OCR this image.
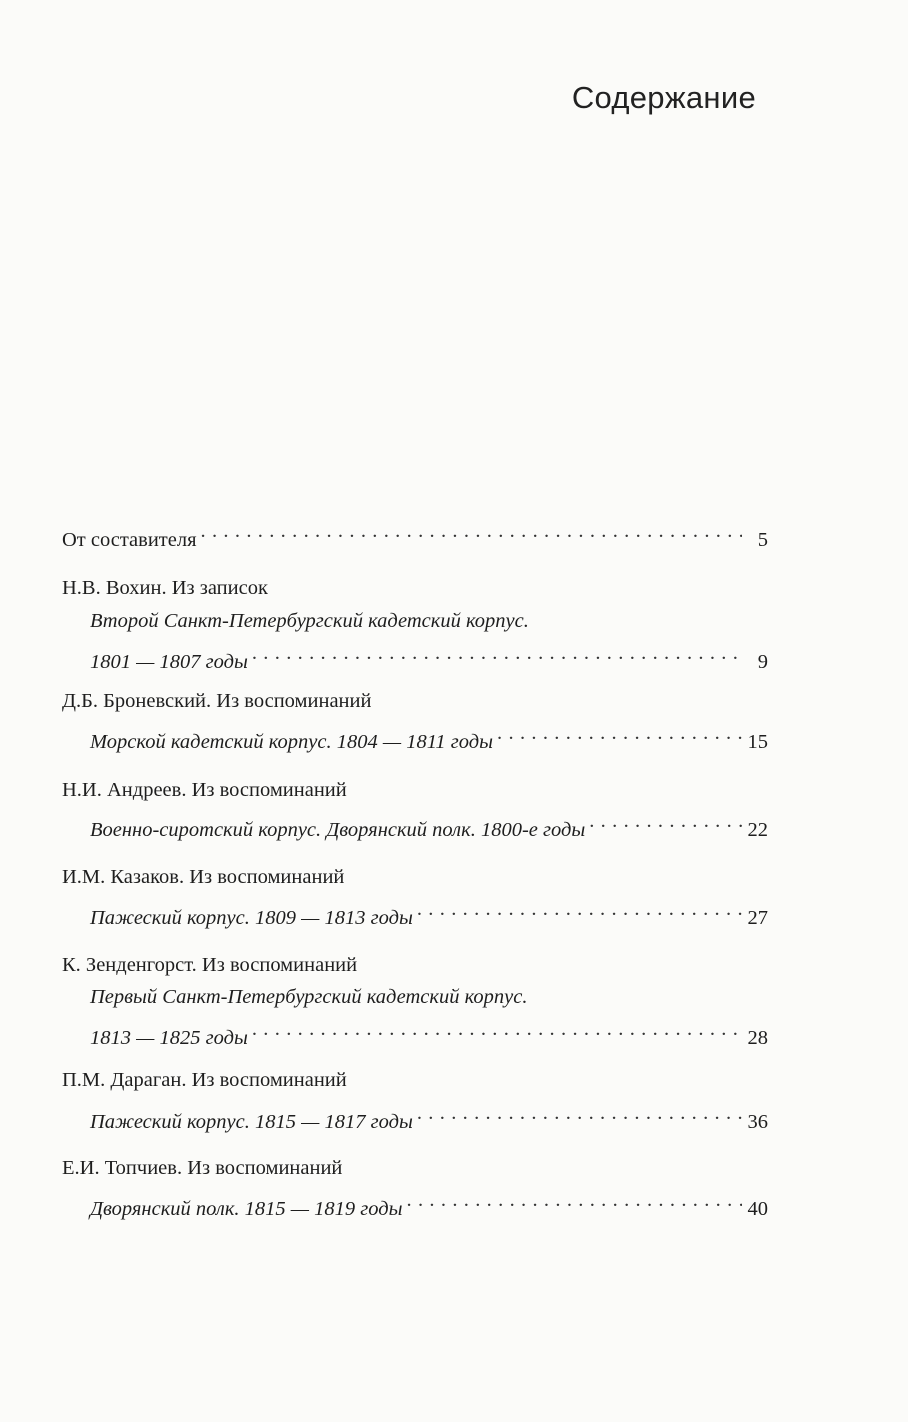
Содержание
От составителя . . .	5
Н.В. Вохин. Из записок
Второй Санкт-Петербургский кадетский корпус.
1801 — 1807 годы . . .	9
Д.Б. Броневский. Из воспоминаний
Морской кадетский корпус. 1804 — 1811 годы . . .	15
Н.И. Андреев. Из воспоминаний
Военно-сиротский корпус. Дворянский полк. 1800-е годы . . .	22
И.М. Казаков. Из воспоминаний
Пажеский корпус. 1809 — 1813 годы . . .	27
К. Зенденгорст. Из воспоминаний
Первый Санкт-Петербургский кадетский корпус.
1813 — 1825 годы . . .	28
П.М. Дараган. Из воспоминаний
Пажеский корпус. 1815 — 1817 годы . . .	36
Е.И. Топчиев. Из воспоминаний
Дворянский полк. 1815 — 1819 годы . . .	40
